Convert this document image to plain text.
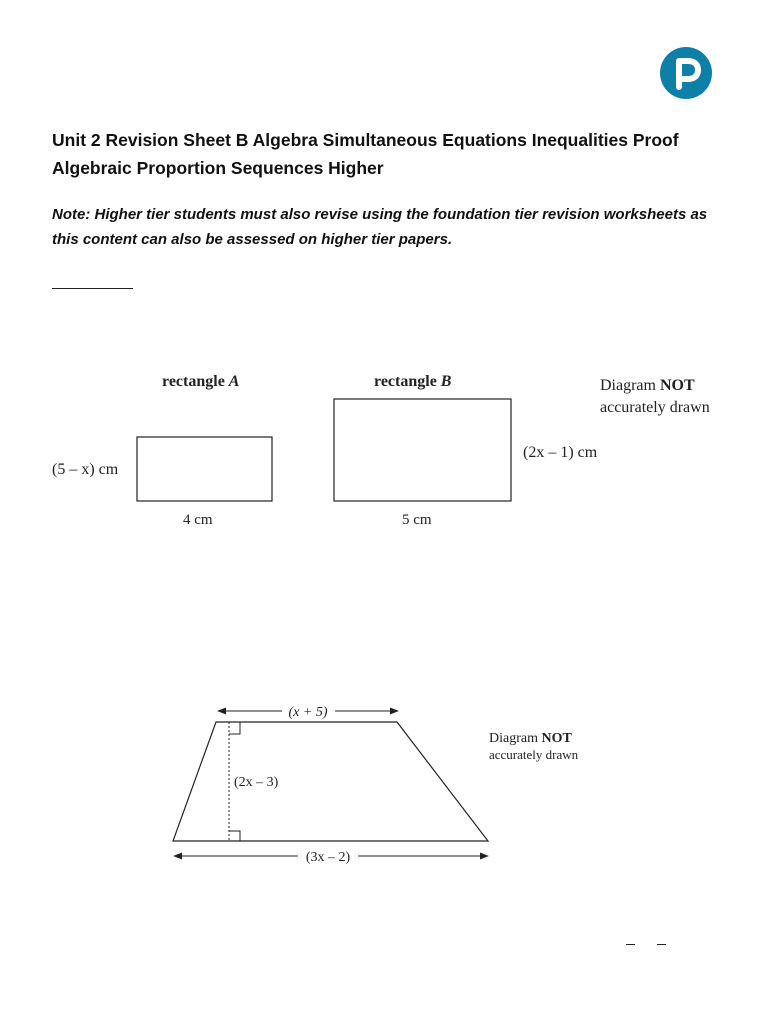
Unit 2 Revision Sheet B Algebra Simultaneous Equations Inequalities Proof Algebraic Proportion Sequences Higher
Note: Higher tier students must also revise using the foundation tier revision worksheets as this content can also be assessed on higher tier papers.
rectangle A	rectangle B
(5 – x) cm
4 cm
(2x – 1) cm
5 cm
Diagram NOT
accurately drawn
(x + 5)
(2x – 3)
(3x – 2)
Diagram NOT
accurately drawn
